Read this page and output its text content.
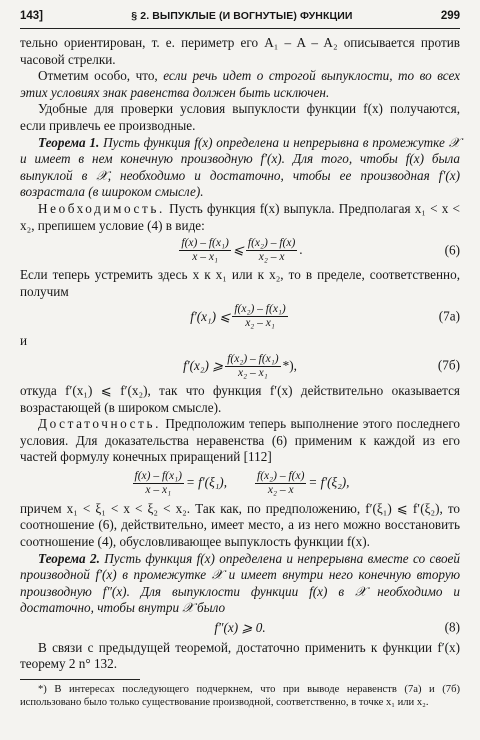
143]	§ 2. ВЫПУКЛЫЕ (И ВОГНУТЫЕ) ФУНКЦИИ	299

тельно ориентирован, т. е. периметр его A₁ – A – A₂ описывается против часовой стрелки.

Отметим особо, что, если речь идет о строгой выпуклости, то во всех этих условиях знак равенства должен быть исключен.

Удобные для проверки условия выпуклости функции f(x) получаются, если привлечь ее производные.

Теорема 1. Пусть функция f(x) определена и непрерывна в промежутке 𝒳 и имеет в нем конечную производную f′(x). Для того, чтобы f(x) была выпуклой в 𝒳, необходимо и достаточно, чтобы ее производная f′(x) возрастала (в широком смысле).

Необходимость. Пусть функция f(x) выпукла. Предполагая x₁ < x < x₂, препишем условие (4) в виде:

$\frac{\text{f(x) – f(x₁)}}{\text{x – x₁}}$ ⩽ $\frac{\text{f(x₂) – f(x)}}{\text{x₂ – x}}$ .	(6)

Если теперь устремить здесь x к x₁ или к x₂, то в пределе, соответственно, получим

f′(x₁) ⩽ $\frac{\text{f(x₂) – f(x₁)}}{\text{x₂ – x₁}}$	(7а)

и

f′(x₂) ⩾ $\frac{\text{f(x₂) – f(x₁)}}{\text{x₂ – x₁}}$ *),	(7б)

откуда f′(x₁) ⩽ f′(x₂), так что функция f′(x) действительно оказывается возрастающей (в широком смысле).

Достаточность. Предположим теперь выполнение этого последнего условия. Для доказательства неравенства (6) применим к каждой из его частей формулу конечных приращений [112]

$\frac{\text{f(x) – f(x₁)}}{\text{x – x₁}} = f'(\xi_1)$, $\frac{\text{f(x₂) – f(x)}}{\text{x₂ – x}} = f'(\xi_2)$,

причем x₁ < ξ₁ < x < ξ₂ < x₂. Так как, по предположению, f′(ξ₁) ⩽ f′(ξ₂), то соотношение (6), действительно, имеет место, а из него можно восстановить соотношение (4), обусловливающее выпуклость функции f(x).

Теорема 2. Пусть функция f(x) определена и непрерывна вместе со своей производной f′(x) в промежутке 𝒳 и имеет внутри него конечную вторую производную f″(x). Для выпуклости функции f(x) в 𝒳 необходимо и достаточно, чтобы внутри 𝒳 было

f″(x) ⩾ 0.	(8)

В связи с предыдущей теоремой, достаточно применить к функции f′(x) теорему 2 n° 132.

*) В интересах последующего подчеркнем, что при выводе неравенств (7а) и (7б) использовано было только существование производной, соответственно, в точке x₁ или x₂.
